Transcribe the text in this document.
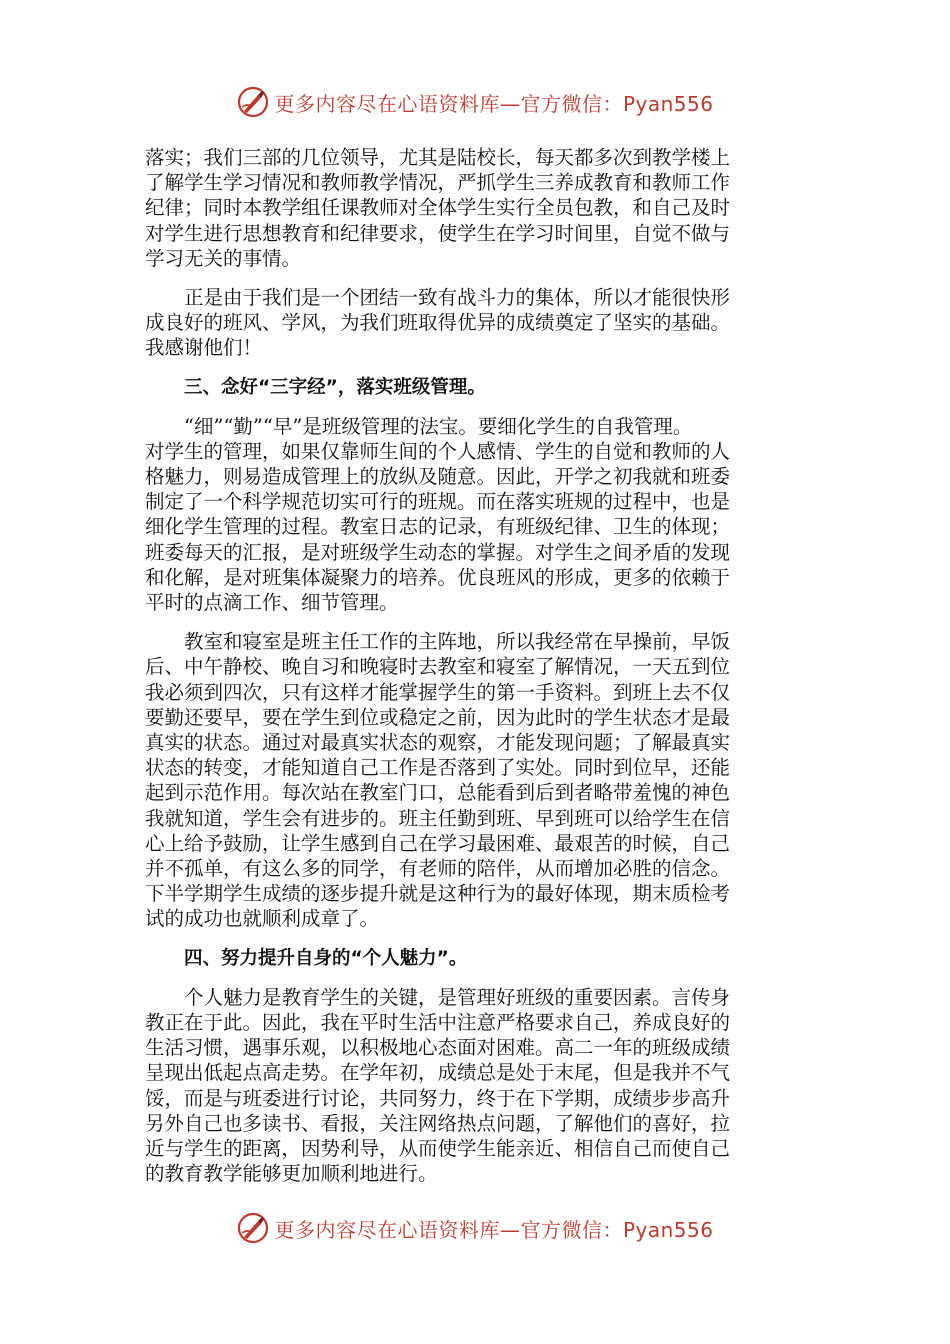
更多内容尽在心语资料库—官方微信：Pyan556
落实；我们三部的几位领导，尤其是陆校长，每天都多次到教学楼上
了解学生学习情况和教师教学情况，严抓学生三养成教育和教师工作
纪律；同时本教学组任课教师对全体学生实行全员包教，和自己及时
对学生进行思想教育和纪律要求，使学生在学习时间里，自觉不做与
学习无关的事情。
正是由于我们是一个团结一致有战斗力的集体，所以才能很快形
成良好的班风、学风，为我们班取得优异的成绩奠定了坚实的基础。
我感谢他们！
三、念好“三字经”，落实班级管理。
“细”“勤”“早”是班级管理的法宝。要细化学生的自我管理。
对学生的管理，如果仅靠师生间的个人感情、学生的自觉和教师的人
格魅力，则易造成管理上的放纵及随意。因此，开学之初我就和班委
制定了一个科学规范切实可行的班规。而在落实班规的过程中，也是
细化学生管理的过程。教室日志的记录，有班级纪律、卫生的体现；
班委每天的汇报，是对班级学生动态的掌握。对学生之间矛盾的发现
和化解，是对班集体凝聚力的培养。优良班风的形成，更多的依赖于
平时的点滴工作、细节管理。
教室和寝室是班主任工作的主阵地，所以我经常在早操前，早饭
后、中午静校、晚自习和晚寝时去教室和寝室了解情况，一天五到位
我必须到四次，只有这样才能掌握学生的第一手资料。到班上去不仅
要勤还要早，要在学生到位或稳定之前，因为此时的学生状态才是最
真实的状态。通过对最真实状态的观察，才能发现问题；了解最真实
状态的转变，才能知道自己工作是否落到了实处。同时到位早，还能
起到示范作用。每次站在教室门口，总能看到后到者略带羞愧的神色
我就知道，学生会有进步的。班主任勤到班、早到班可以给学生在信
心上给予鼓励，让学生感到自己在学习最困难、最艰苦的时候，自己
并不孤单，有这么多的同学，有老师的陪伴，从而增加必胜的信念。
下半学期学生成绩的逐步提升就是这种行为的最好体现，期末质检考
试的成功也就顺利成章了。
四、努力提升自身的“个人魅力”。
个人魅力是教育学生的关键，是管理好班级的重要因素。言传身
教正在于此。因此，我在平时生活中注意严格要求自己，养成良好的
生活习惯，遇事乐观，以积极地心态面对困难。高二一年的班级成绩
呈现出低起点高走势。在学年初，成绩总是处于末尾，但是我并不气
馁，而是与班委进行讨论，共同努力，终于在下学期，成绩步步高升
另外自己也多读书、看报，关注网络热点问题，了解他们的喜好，拉
近与学生的距离，因势利导，从而使学生能亲近、相信自己而使自己
的教育教学能够更加顺利地进行。
更多内容尽在心语资料库—官方微信：Pyan556
